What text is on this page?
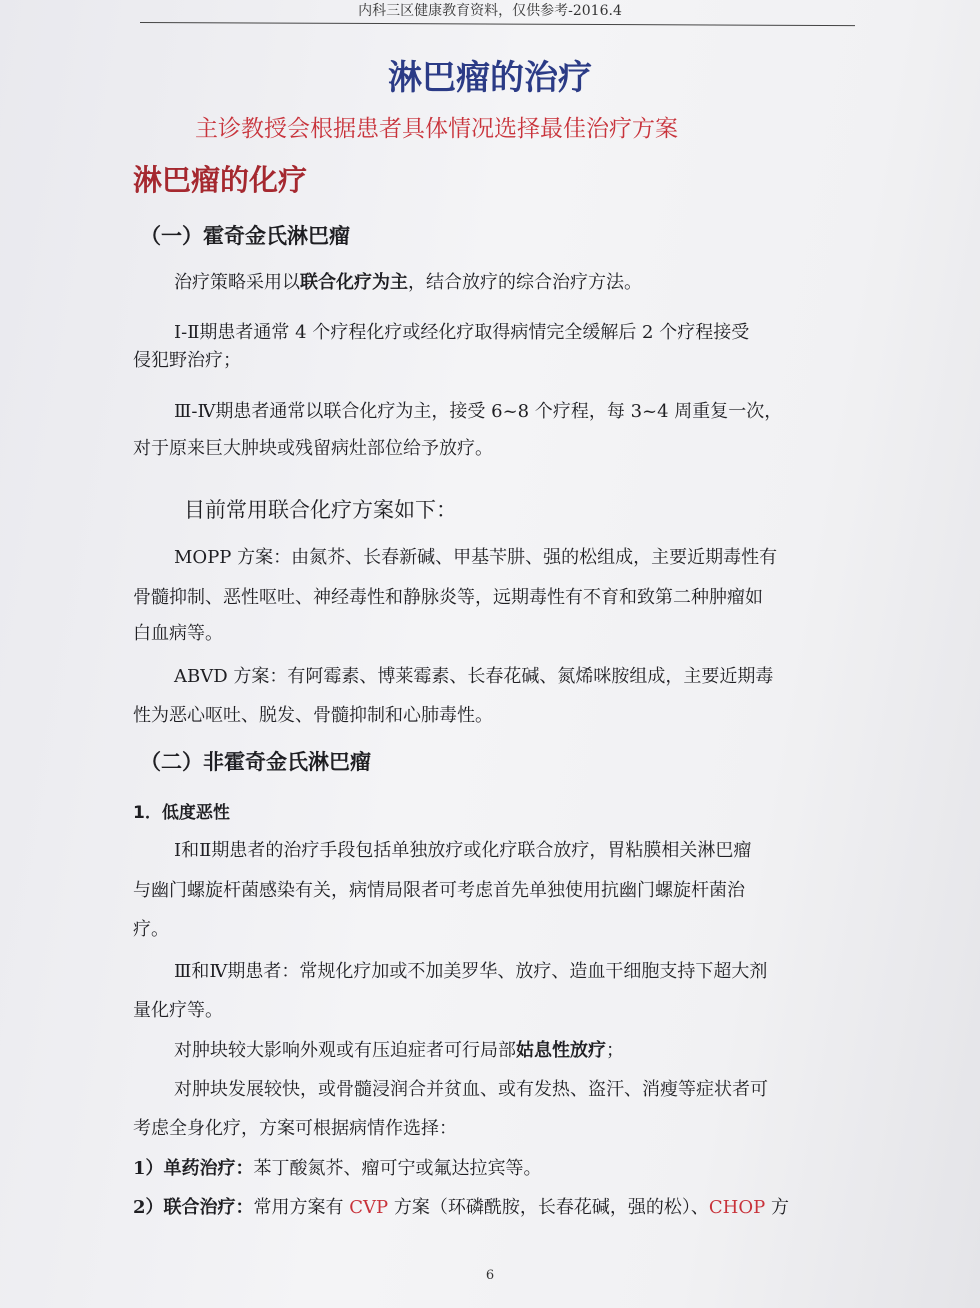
内科三区健康教育资料，仅供参考-2016.4
淋巴瘤的治疗
主诊教授会根据患者具体情况选择最佳治疗方案
淋巴瘤的化疗
（一）霍奇金氏淋巴瘤
治疗策略采用以联合化疗为主，结合放疗的综合治疗方法。
Ⅰ-Ⅱ期患者通常 4 个疗程化疗或经化疗取得病情完全缓解后 2 个疗程接受
侵犯野治疗；
Ⅲ-Ⅳ期患者通常以联合化疗为主，接受 6~8 个疗程，每 3~4 周重复一次，
对于原来巨大肿块或残留病灶部位给予放疗。
目前常用联合化疗方案如下：
MOPP 方案：由氮芥、长春新碱、甲基苄肼、强的松组成，主要近期毒性有
骨髓抑制、恶性呕吐、神经毒性和静脉炎等，远期毒性有不育和致第二种肿瘤如
白血病等。
ABVD 方案：有阿霉素、博莱霉素、长春花碱、氮烯咪胺组成，主要近期毒
性为恶心呕吐、脱发、骨髓抑制和心肺毒性。
（二）非霍奇金氏淋巴瘤
1．低度恶性
Ⅰ和Ⅱ期患者的治疗手段包括单独放疗或化疗联合放疗，胃粘膜相关淋巴瘤
与幽门螺旋杆菌感染有关，病情局限者可考虑首先单独使用抗幽门螺旋杆菌治
疗。
Ⅲ和Ⅳ期患者：常规化疗加或不加美罗华、放疗、造血干细胞支持下超大剂
量化疗等。
对肿块较大影响外观或有压迫症者可行局部姑息性放疗；
对肿块发展较快，或骨髓浸润合并贫血、或有发热、盗汗、消瘦等症状者可
考虑全身化疗，方案可根据病情作选择：
1）单药治疗：苯丁酸氮芥、瘤可宁或氟达拉宾等。
2）联合治疗：常用方案有 CVP 方案（环磷酰胺，长春花碱，强的松）、CHOP 方
6
